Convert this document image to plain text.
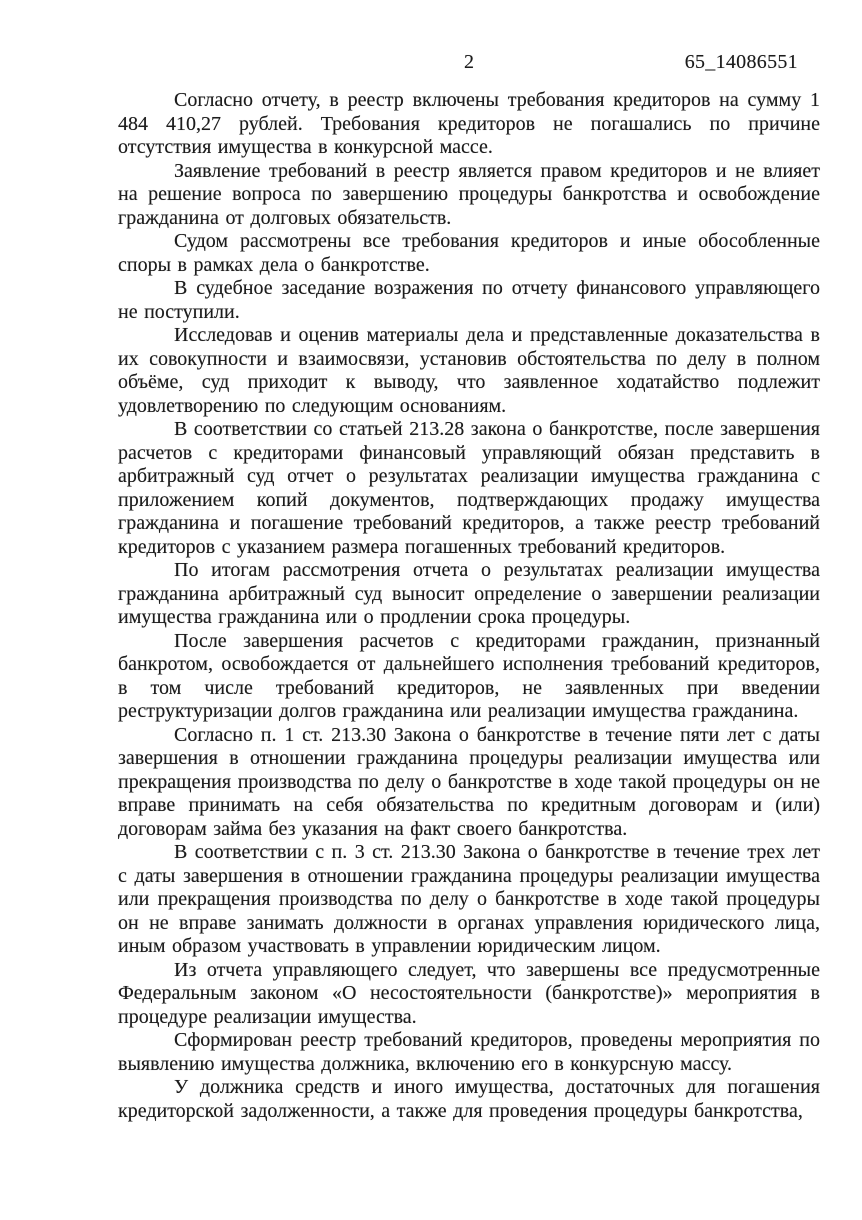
2	65_14086551

Согласно отчету, в реестр включены требования кредиторов на сумму 1 484 410,27 рублей. Требования кредиторов не погашались по причине отсутствия имущества в конкурсной массе.

Заявление требований в реестр является правом кредиторов и не влияет на решение вопроса по завершению процедуры банкротства и освобождение гражданина от долговых обязательств.

Судом рассмотрены все требования кредиторов и иные обособленные споры в рамках дела о банкротстве.

В судебное заседание возражения по отчету финансового управляющего не поступили.

Исследовав и оценив материалы дела и представленные доказательства в их совокупности и взаимосвязи, установив обстоятельства по делу в полном объёме, суд приходит к выводу, что заявленное ходатайство подлежит удовлетворению по следующим основаниям.

В соответствии со статьей 213.28 закона о банкротстве, после завершения расчетов с кредиторами финансовый управляющий обязан представить в арбитражный суд отчет о результатах реализации имущества гражданина с приложением копий документов, подтверждающих продажу имущества гражданина и погашение требований кредиторов, а также реестр требований кредиторов с указанием размера погашенных требований кредиторов.

По итогам рассмотрения отчета о результатах реализации имущества гражданина арбитражный суд выносит определение о завершении реализации имущества гражданина или о продлении срока процедуры.

После завершения расчетов с кредиторами гражданин, признанный банкротом, освобождается от дальнейшего исполнения требований кредиторов, в том числе требований кредиторов, не заявленных при введении реструктуризации долгов гражданина или реализации имущества гражданина.

Согласно п. 1 ст. 213.30 Закона о банкротстве в течение пяти лет с даты завершения в отношении гражданина процедуры реализации имущества или прекращения производства по делу о банкротстве в ходе такой процедуры он не вправе принимать на себя обязательства по кредитным договорам и (или) договорам займа без указания на факт своего банкротства.

В соответствии с п. 3 ст. 213.30 Закона о банкротстве в течение трех лет с даты завершения в отношении гражданина процедуры реализации имущества или прекращения производства по делу о банкротстве в ходе такой процедуры он не вправе занимать должности в органах управления юридического лица, иным образом участвовать в управлении юридическим лицом.

Из отчета управляющего следует, что завершены все предусмотренные Федеральным законом «О несостоятельности (банкротстве)» мероприятия в процедуре реализации имущества.

Сформирован реестр требований кредиторов, проведены мероприятия по выявлению имущества должника, включению его в конкурсную массу.

У должника средств и иного имущества, достаточных для погашения кредиторской задолженности, а также для проведения процедуры банкротства,
